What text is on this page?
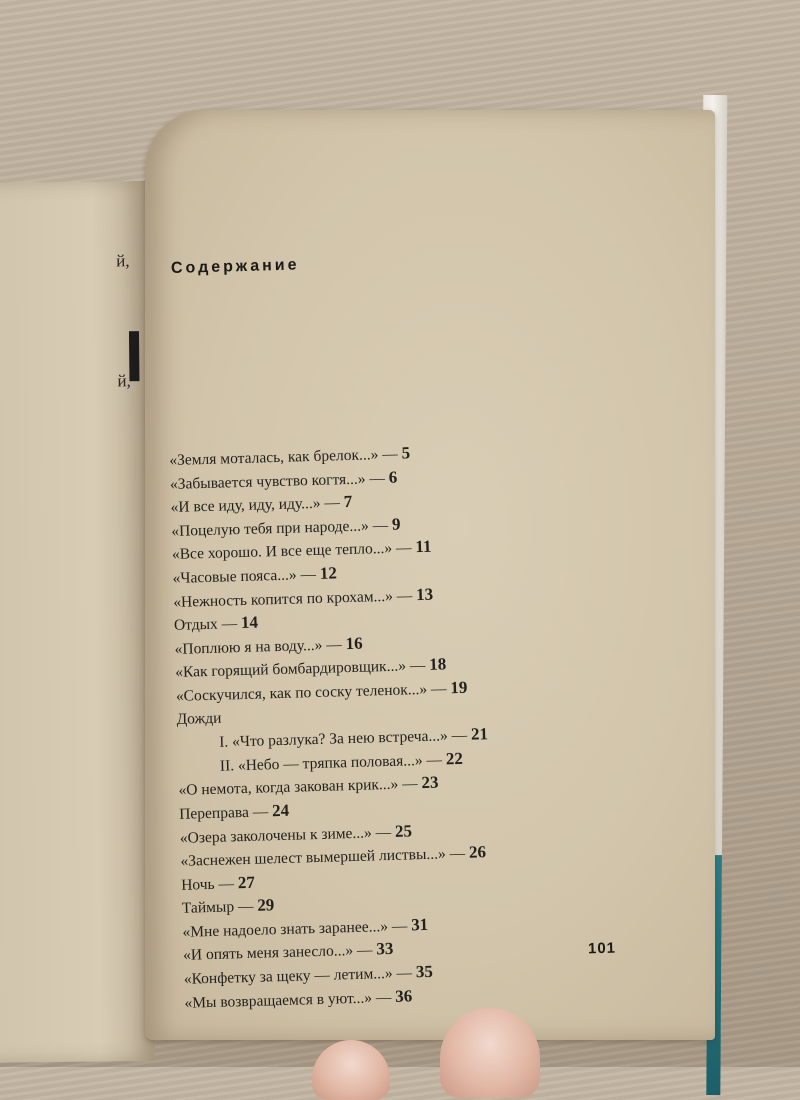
й,
й,
Содержание
«Земля моталась, как брелок...» — 5
«Забывается чувство когтя...» — 6
«И все иду, иду, иду...» — 7
«Поцелую тебя при народе...» — 9
«Все хорошо. И все еще тепло...» — 11
«Часовые пояса...» — 12
«Нежность копится по крохам...» — 13
Отдых — 14
«Поплюю я на воду...» — 16
«Как горящий бомбардировщик...» — 18
«Соскучился, как по соску теленок...» — 19
Дожди
I. «Что разлука? За нею встреча...» — 21
II. «Небо — тряпка половая...» — 22
«О немота, когда закован крик...» — 23
Переправа — 24
«Озера заколочены к зиме...» — 25
«Заснежен шелест вымершей листвы...» — 26
Ночь — 27
Таймыр — 29
«Мне надоело знать заранее...» — 31
«И опять меня занесло...» — 33
«Конфетку за щеку — летим...» — 35
«Мы возвращаемся в уют...» — 36
101
